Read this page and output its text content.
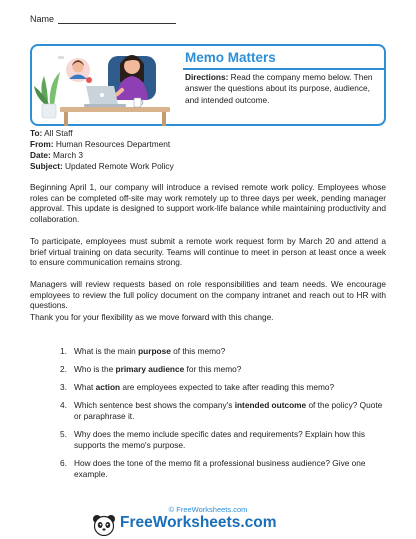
Name
Memo Matters
Directions: Read the company memo below. Then answer the questions about its purpose, audience, and intended outcome.
To: All Staff
From: Human Resources Department
Date: March 3
Subject: Updated Remote Work Policy

Beginning April 1, our company will introduce a revised remote work policy. Employees whose roles can be completed off-site may work remotely up to three days per week, pending manager approval. This update is designed to support work-life balance while maintaining productivity and collaboration.

To participate, employees must submit a remote work request form by March 20 and attend a brief virtual training on data security. Teams will continue to meet in person at least once a week to ensure communication remains strong.

Managers will review requests based on role responsibilities and team needs. We encourage employees to review the full policy document on the company intranet and reach out to HR with questions.

Thank you for your flexibility as we move forward with this change.

1. What is the main purpose of this memo?
2. Who is the primary audience for this memo?
3. What action are employees expected to take after reading this memo?
4. Which sentence best shows the company's intended outcome of the policy? Quote or paraphrase it.
5. Why does the memo include specific dates and requirements? Explain how this supports the memo's purpose.
6. How does the tone of the memo fit a professional business audience? Give one example.
© FreeWorksheets.com
FreeWorksheets.com
